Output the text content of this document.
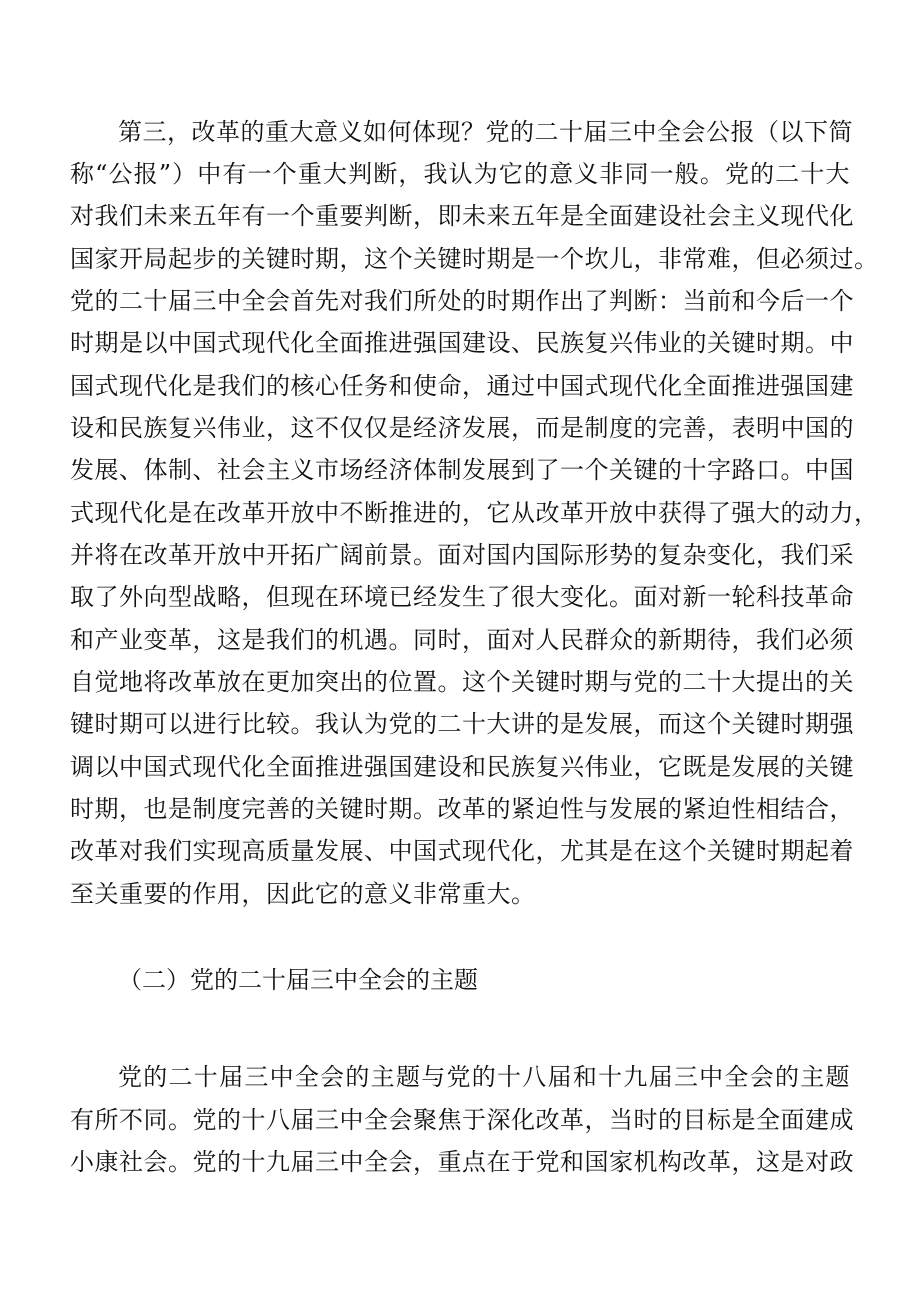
第三，改革的重大意义如何体现？党的二十届三中全会公报（以下简
称“公报”）中有一个重大判断，我认为它的意义非同一般。党的二十大
对我们未来五年有一个重要判断，即未来五年是全面建设社会主义现代化
国家开局起步的关键时期，这个关键时期是一个坎儿，非常难，但必须过。
党的二十届三中全会首先对我们所处的时期作出了判断：当前和今后一个
时期是以中国式现代化全面推进强国建设、民族复兴伟业的关键时期。中
国式现代化是我们的核心任务和使命，通过中国式现代化全面推进强国建
设和民族复兴伟业，这不仅仅是经济发展，而是制度的完善，表明中国的
发展、体制、社会主义市场经济体制发展到了一个关键的十字路口。中国
式现代化是在改革开放中不断推进的，它从改革开放中获得了强大的动力，
并将在改革开放中开拓广阔前景。面对国内国际形势的复杂变化，我们采
取了外向型战略，但现在环境已经发生了很大变化。面对新一轮科技革命
和产业变革，这是我们的机遇。同时，面对人民群众的新期待，我们必须
自觉地将改革放在更加突出的位置。这个关键时期与党的二十大提出的关
键时期可以进行比较。我认为党的二十大讲的是发展，而这个关键时期强
调以中国式现代化全面推进强国建设和民族复兴伟业，它既是发展的关键
时期，也是制度完善的关键时期。改革的紧迫性与发展的紧迫性相结合，
改革对我们实现高质量发展、中国式现代化，尤其是在这个关键时期起着
至关重要的作用，因此它的意义非常重大。
（二）党的二十届三中全会的主题
党的二十届三中全会的主题与党的十八届和十九届三中全会的主题
有所不同。党的十八届三中全会聚焦于深化改革，当时的目标是全面建成
小康社会。党的十九届三中全会，重点在于党和国家机构改革，这是对政
